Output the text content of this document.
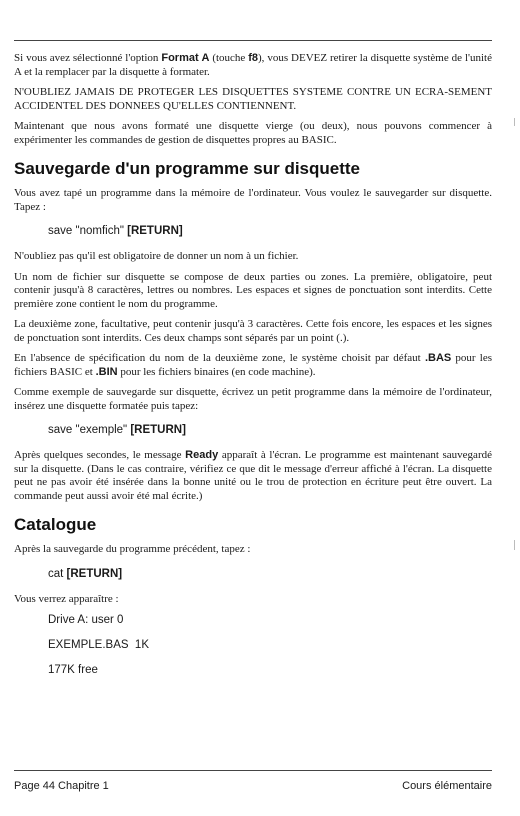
Si vous avez sélectionné l'option Format A (touche f8), vous DEVEZ retirer la disquette système de l'unité A et la remplacer par la disquette à formater.

N'OUBLIEZ JAMAIS DE PROTEGER LES DISQUETTES SYSTEME CONTRE UN ECRA-SEMENT ACCIDENTEL DES DONNEES QU'ELLES CONTIENNENT.

Maintenant que nous avons formaté une disquette vierge (ou deux), nous pouvons commencer à expérimenter les commandes de gestion de disquettes propres au BASIC.

Sauvegarde d'un programme sur disquette

Vous avez tapé un programme dans la mémoire de l'ordinateur. Vous voulez le sauvegarder sur disquette. Tapez :

save "nomfich" [RETURN]

N'oubliez pas qu'il est obligatoire de donner un nom à un fichier.

Un nom de fichier sur disquette se compose de deux parties ou zones. La première, obligatoire, peut contenir jusqu'à 8 caractères, lettres ou nombres. Les espaces et signes de ponctuation sont interdits. Cette première zone contient le nom du programme.

La deuxième zone, facultative, peut contenir jusqu'à 3 caractères. Cette fois encore, les espaces et les signes de ponctuation sont interdits. Ces deux champs sont séparés par un point (.).

En l'absence de spécification du nom de la deuxième zone, le système choisit par défaut .BAS pour les fichiers BASIC et .BIN pour les fichiers binaires (en code machine).

Comme exemple de sauvegarde sur disquette, écrivez un petit programme dans la mémoire de l'ordinateur, insérez une disquette formatée puis tapez:

save "exemple" [RETURN]

Après quelques secondes, le message Ready apparaît à l'écran. Le programme est maintenant sauvegardé sur la disquette. (Dans le cas contraire, vérifiez ce que dit le message d'erreur affiché à l'écran. La disquette peut ne pas avoir été insérée dans la bonne unité ou le trou de protection en écriture peut être ouvert. La commande peut aussi avoir été mal écrite.)

Catalogue

Après la sauvegarde du programme précédent, tapez :

cat [RETURN]

Vous verrez apparaître :

Drive A: user 0
EXEMPLE.BAS  1K
177K free
Page 44 Chapitre 1	Cours élémentaire
